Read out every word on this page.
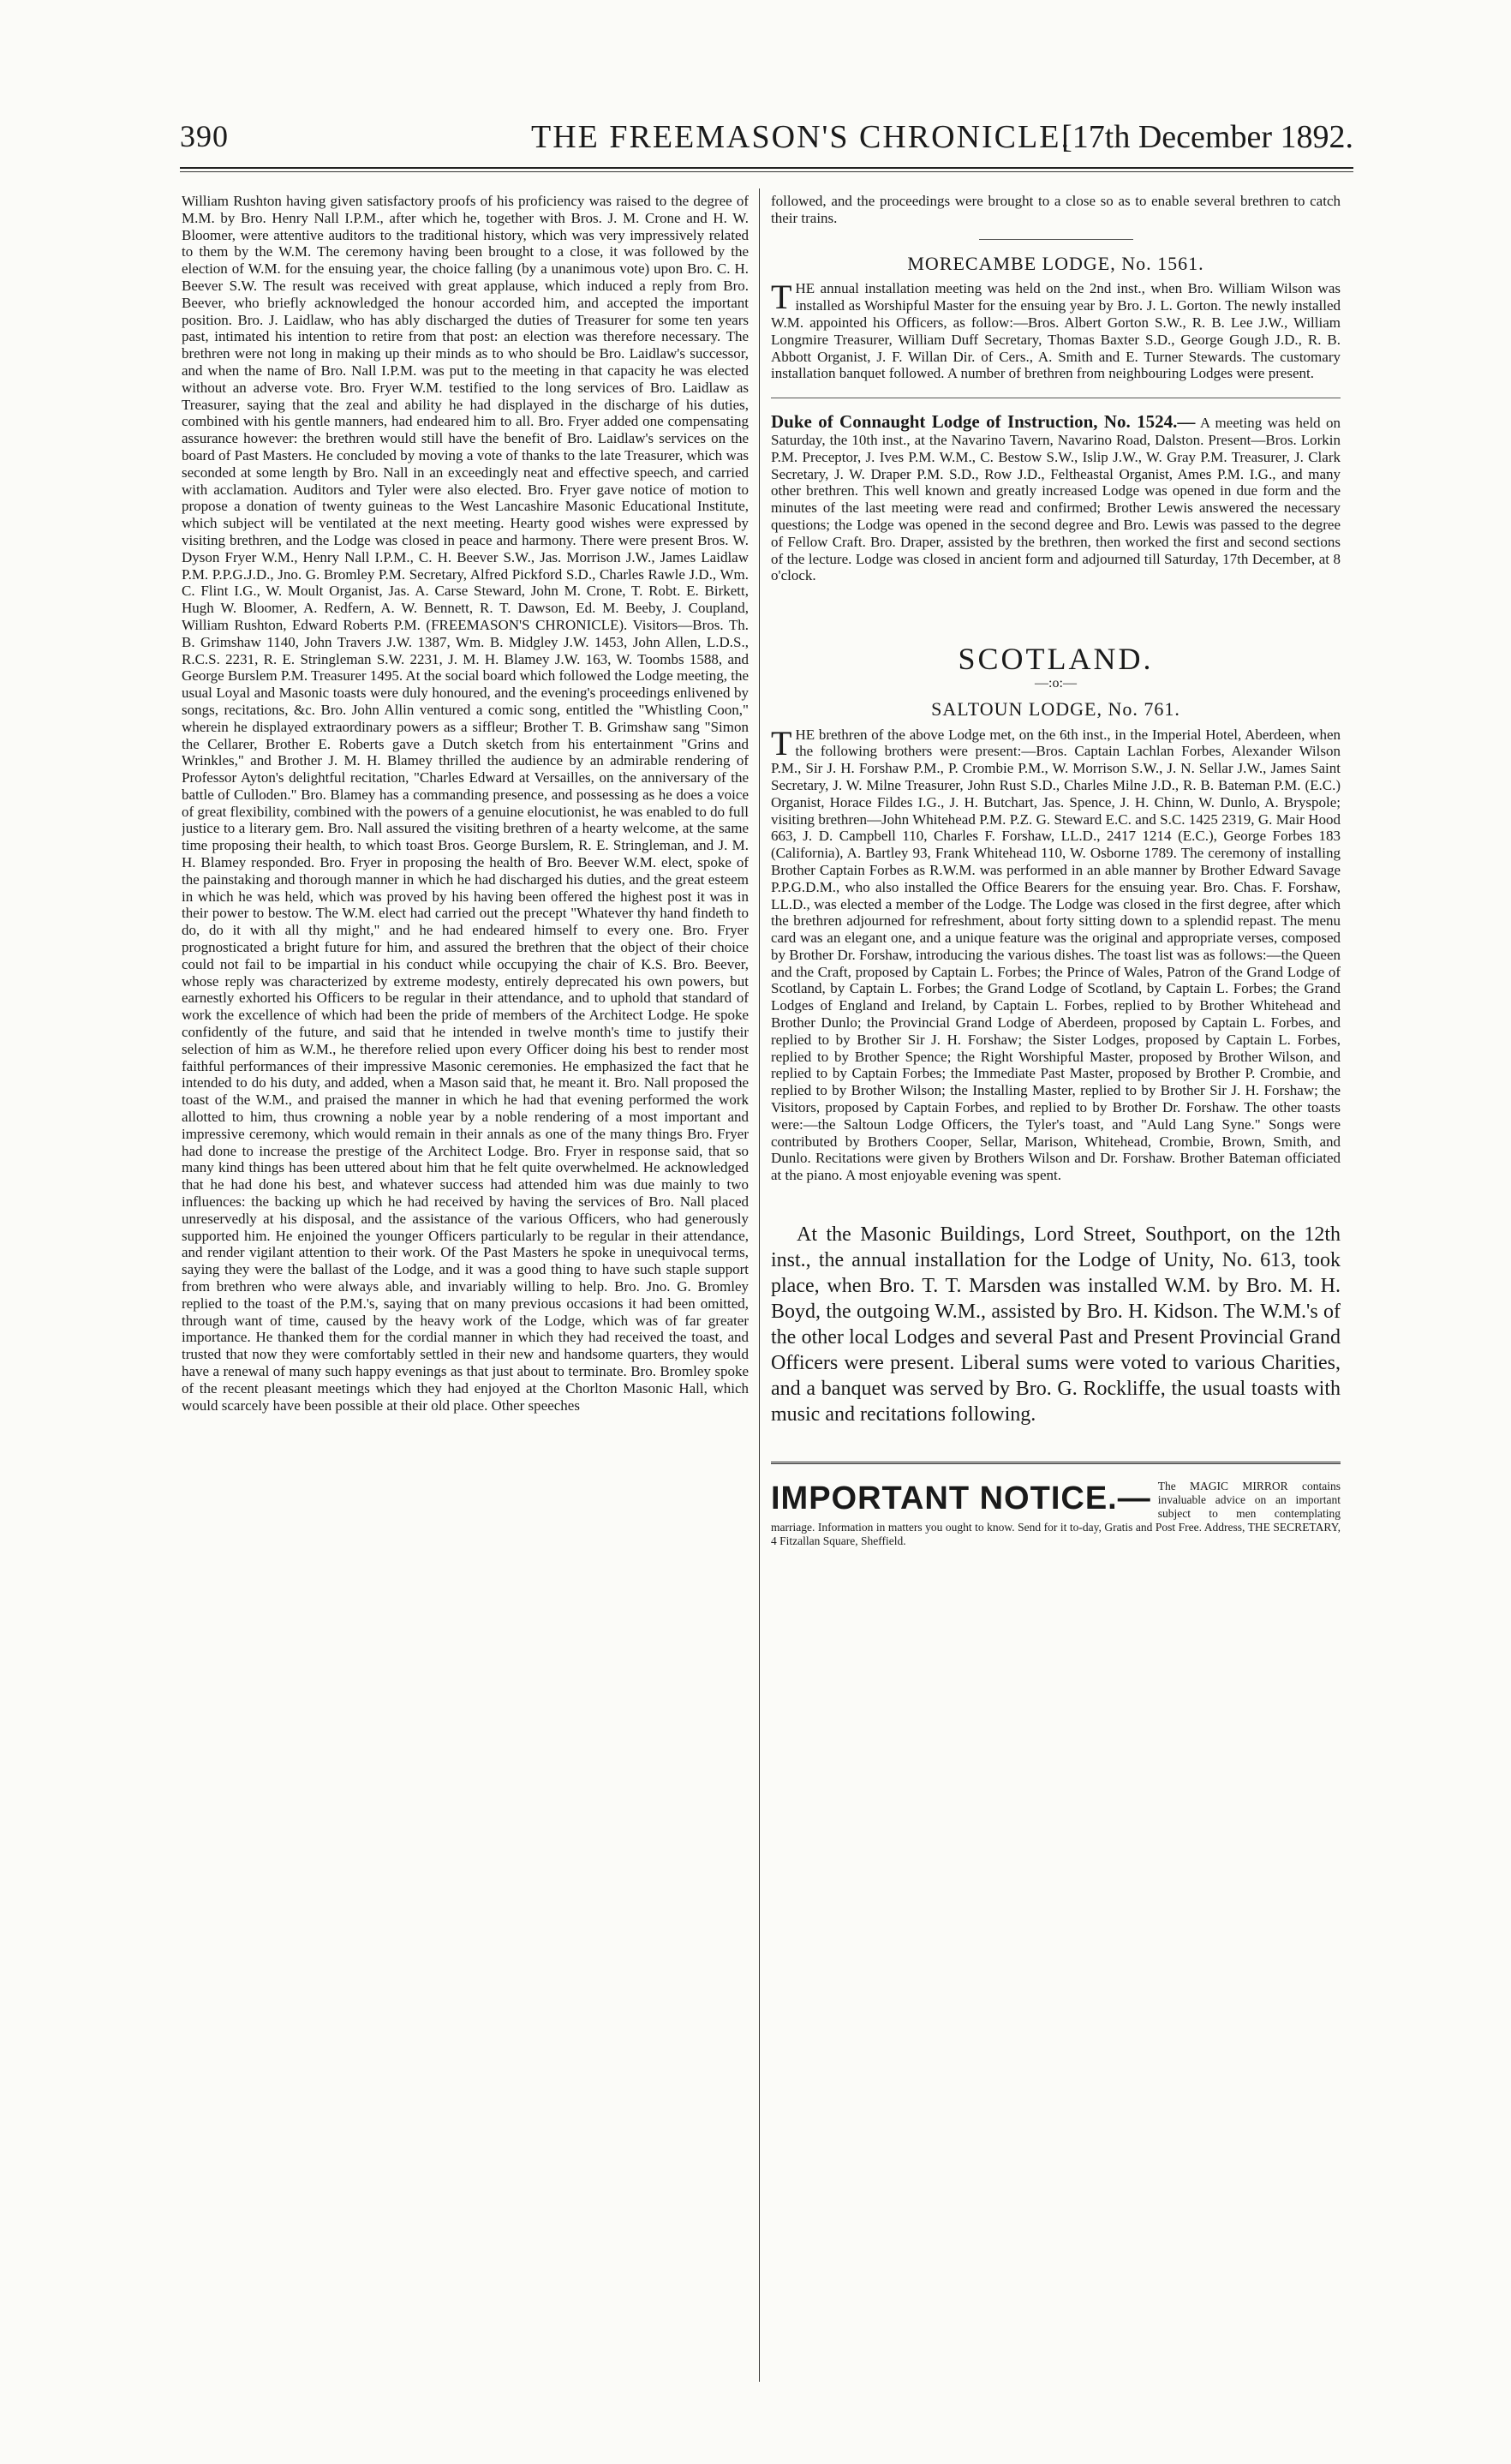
390	THE FREEMASON'S CHRONICLE.
[17th December 1892.

William Rushton having given satisfactory proofs of his proficiency was raised to the degree of M.M. by Bro. Henry Nall I.P.M., after which he, together with Bros. J. M. Crone and H. W. Bloomer, were attentive auditors to the traditional history, which was very impressively related to them by the W.M. The ceremony having been brought to a close, it was followed by the election of W.M. for the ensuing year, the choice falling (by a unanimous vote) upon Bro. C. H. Beever S.W. The result was received with great applause, which induced a reply from Bro. Beever, who briefly acknowledged the honour accorded him, and accepted the important position. Bro. J. Laidlaw, who has ably discharged the duties of Treasurer for some ten years past, intimated his intention to retire from that post: an election was therefore necessary. The brethren were not long in making up their minds as to who should be Bro. Laidlaw's successor, and when the name of Bro. Nall I.P.M. was put to the meeting in that capacity he was elected without an adverse vote. Bro. Fryer W.M. testified to the long services of Bro. Laidlaw as Treasurer, saying that the zeal and ability he had displayed in the discharge of his duties, combined with his gentle manners, had endeared him to all. Bro. Fryer added one compensating assurance however: the brethren would still have the benefit of Bro. Laidlaw's services on the board of Past Masters. He concluded by moving a vote of thanks to the late Treasurer, which was seconded at some length by Bro. Nall in an exceedingly neat and effective speech, and carried with acclamation. Auditors and Tyler were also elected. Bro. Fryer gave notice of motion to propose a donation of twenty guineas to the West Lancashire Masonic Educational Institute, which subject will be ventilated at the next meeting. Hearty good wishes were expressed by visiting brethren, and the Lodge was closed in peace and harmony. There were present Bros. W. Dyson Fryer W.M., Henry Nall I.P.M., C. H. Beever S.W., Jas. Morrison J.W., James Laidlaw P.M. P.P.G.J.D., Jno. G. Bromley P.M. Secretary, Alfred Pickford S.D., Charles Rawle J.D., Wm. C. Flint I.G., W. Moult Organist, Jas. A. Carse Steward, John M. Crone, T. Robt. E. Birkett, Hugh W. Bloomer, A. Redfern, A. W. Bennett, R. T. Dawson, Ed. M. Beeby, J. Coupland, William Rushton, Edward Roberts P.M. (FREEMASON'S CHRONICLE). Visitors—Bros. Th. B. Grimshaw 1140, John Travers J.W. 1387, Wm. B. Midgley J.W. 1453, John Allen, L.D.S., R.C.S. 2231, R. E. Stringleman S.W. 2231, J. M. H. Blamey J.W. 163, W. Toombs 1588, and George Burslem P.M. Treasurer 1495. At the social board which followed the Lodge meeting, the usual Loyal and Masonic toasts were duly honoured, and the evening's proceedings enlivened by songs, recitations, &c. Bro. John Allin ventured a comic song, entitled the "Whistling Coon," wherein he displayed extraordinary powers as a siffleur; Brother T. B. Grimshaw sang "Simon the Cellarer, Brother E. Roberts gave a Dutch sketch from his entertainment "Grins and Wrinkles," and Brother J. M. H. Blamey thrilled the audience by an admirable rendering of Professor Ayton's delightful recitation, "Charles Edward at Versailles, on the anniversary of the battle of Culloden." Bro. Blamey has a commanding presence, and possessing as he does a voice of great flexibility, combined with the powers of a genuine elocutionist, he was enabled to do full justice to a literary gem. Bro. Nall assured the visiting brethren of a hearty welcome, at the same time proposing their health, to which toast Bros. George Burslem, R. E. Stringleman, and J. M. H. Blamey responded. Bro. Fryer in proposing the health of Bro. Beever W.M. elect, spoke of the painstaking and thorough manner in which he had discharged his duties, and the great esteem in which he was held, which was proved by his having been offered the highest post it was in their power to bestow. The W.M. elect had carried out the precept "Whatever thy hand findeth to do, do it with all thy might," and he had endeared himself to every one. Bro. Fryer prognosticated a bright future for him, and assured the brethren that the object of their choice could not fail to be impartial in his conduct while occupying the chair of K.S. Bro. Beever, whose reply was characterized by extreme modesty, entirely deprecated his own powers, but earnestly exhorted his Officers to be regular in their attendance, and to uphold that standard of work the excellence of which had been the pride of members of the Architect Lodge. He spoke confidently of the future, and said that he intended in twelve month's time to justify their selection of him as W.M., he therefore relied upon every Officer doing his best to render most faithful performances of their impressive Masonic ceremonies. He emphasized the fact that he intended to do his duty, and added, when a Mason said that, he meant it. Bro. Nall proposed the toast of the W.M., and praised the manner in which he had that evening performed the work allotted to him, thus crowning a noble year by a noble rendering of a most important and impressive ceremony, which would remain in their annals as one of the many things Bro. Fryer had done to increase the prestige of the Architect Lodge. Bro. Fryer in response said, that so many kind things has been uttered about him that he felt quite overwhelmed. He acknowledged that he had done his best, and whatever success had attended him was due mainly to two influences: the backing up which he had received by having the services of Bro. Nall placed unreservedly at his disposal, and the assistance of the various Officers, who had generously supported him. He enjoined the younger Officers particularly to be regular in their attendance, and render vigilant attention to their work. Of the Past Masters he spoke in unequivocal terms, saying they were the ballast of the Lodge, and it was a good thing to have such staple support from brethren who were always able, and invariably willing to help. Bro. Jno. G. Bromley replied to the toast of the P.M.'s, saying that on many previous occasions it had been omitted, through want of time, caused by the heavy work of the Lodge, which was of far greater importance. He thanked them for the cordial manner in which they had received the toast, and trusted that now they were comfortably settled in their new and handsome quarters, they would have a renewal of many such happy evenings as that just about to terminate. Bro. Bromley spoke of the recent pleasant meetings which they had enjoyed at the Chorlton Masonic Hall, which would scarcely have been possible at their old place. Other speeches

followed, and the proceedings were brought to a close so as to enable several brethren to catch their trains.

MORECAMBE LODGE, No. 1561.

THE annual installation meeting was held on the 2nd inst., when Bro. William Wilson was installed as Worshipful Master for the ensuing year by Bro. J. L. Gorton. The newly installed W.M. appointed his Officers, as follow:—Bros. Albert Gorton S.W., R. B. Lee J.W., William Longmire Treasurer, William Duff Secretary, Thomas Baxter S.D., George Gough J.D., R. B. Abbott Organist, J. F. Willan Dir. of Cers., A. Smith and E. Turner Stewards. The customary installation banquet followed. A number of brethren from neighbouring Lodges were present.

Duke of Connaught Lodge of Instruction, No. 1524.— A meeting was held on Saturday, the 10th inst., at the Navarino Tavern, Navarino Road, Dalston. Present—Bros. Lorkin P.M. Preceptor, J. Ives P.M. W.M., C. Bestow S.W., Islip J.W., W. Gray P.M. Treasurer, J. Clark Secretary, J. W. Draper P.M. S.D., Row J.D., Feltheastal Organist, Ames P.M. I.G., and many other brethren. This well known and greatly increased Lodge was opened in due form and the minutes of the last meeting were read and confirmed; Brother Lewis answered the necessary questions; the Lodge was opened in the second degree and Bro. Lewis was passed to the degree of Fellow Craft. Bro. Draper, assisted by the brethren, then worked the first and second sections of the lecture. Lodge was closed in ancient form and adjourned till Saturday, 17th December, at 8 o'clock.

SCOTLAND.
—:o:—
SALTOUN LODGE, No. 761.

THE brethren of the above Lodge met, on the 6th inst., in the Imperial Hotel, Aberdeen, when the following brothers were present:—Bros. Captain Lachlan Forbes, Alexander Wilson P.M., Sir J. H. Forshaw P.M., P. Crombie P.M., W. Morrison S.W., J. N. Sellar J.W., James Saint Secretary, J. W. Milne Treasurer, John Rust S.D., Charles Milne J.D., R. B. Bateman P.M. (E.C.) Organist, Horace Fildes I.G., J. H. Butchart, Jas. Spence, J. H. Chinn, W. Dunlo, A. Bryspole; visiting brethren—John Whitehead P.M. P.Z. G. Steward E.C. and S.C. 1425 2319, G. Mair Hood 663, J. D. Campbell 110, Charles F. Forshaw, LL.D., 2417 1214 (E.C.), George Forbes 183 (California), A. Bartley 93, Frank Whitehead 110, W. Osborne 1789. The ceremony of installing Brother Captain Forbes as R.W.M. was performed in an able manner by Brother Edward Savage P.P.G.D.M., who also installed the Office Bearers for the ensuing year. Bro. Chas. F. Forshaw, LL.D., was elected a member of the Lodge. The Lodge was closed in the first degree, after which the brethren adjourned for refreshment, about forty sitting down to a splendid repast. The menu card was an elegant one, and a unique feature was the original and appropriate verses, composed by Brother Dr. Forshaw, introducing the various dishes. The toast list was as follows:—the Queen and the Craft, proposed by Captain L. Forbes; the Prince of Wales, Patron of the Grand Lodge of Scotland, by Captain L. Forbes; the Grand Lodge of Scotland, by Captain L. Forbes; the Grand Lodges of England and Ireland, by Captain L. Forbes, replied to by Brother Whitehead and Brother Dunlo; the Provincial Grand Lodge of Aberdeen, proposed by Captain L. Forbes, and replied to by Brother Sir J. H. Forshaw; the Sister Lodges, proposed by Captain L. Forbes, replied to by Brother Spence; the Right Worshipful Master, proposed by Brother Wilson, and replied to by Captain Forbes; the Immediate Past Master, proposed by Brother P. Crombie, and replied to by Brother Wilson; the Installing Master, replied to by Brother Sir J. H. Forshaw; the Visitors, proposed by Captain Forbes, and replied to by Brother Dr. Forshaw. The other toasts were:—the Saltoun Lodge Officers, the Tyler's toast, and "Auld Lang Syne." Songs were contributed by Brothers Cooper, Sellar, Marison, Whitehead, Crombie, Brown, Smith, and Dunlo. Recitations were given by Brothers Wilson and Dr. Forshaw. Brother Bateman officiated at the piano. A most enjoyable evening was spent.

At the Masonic Buildings, Lord Street, Southport, on the 12th inst., the annual installation for the Lodge of Unity, No. 613, took place, when Bro. T. T. Marsden was installed W.M. by Bro. M. H. Boyd, the outgoing W.M., assisted by Bro. H. Kidson. The W.M.'s of the other local Lodges and several Past and Present Provincial Grand Officers were present. Liberal sums were voted to various Charities, and a banquet was served by Bro. G. Rockliffe, the usual toasts with music and recitations following.

IMPORTANT NOTICE.— The MAGIC MIRROR contains invaluable advice on an important subject to men contemplating marriage. Information in matters you ought to know. Send for it to-day, Gratis and Post Free. Address, THE SECRETARY, 4 Fitzallan Square, Sheffield.
